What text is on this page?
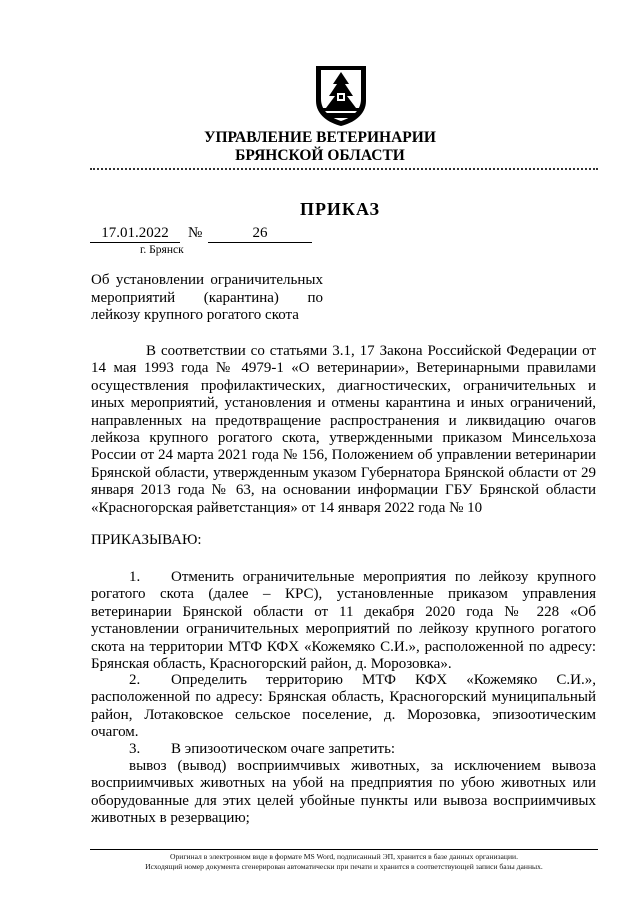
УПРАВЛЕНИЕ ВЕТЕРИНАРИИ
БРЯНСКОЙ ОБЛАСТИ
ПРИКАЗ
17.01.2022	№	26
г. Брянск
Об установлении ограничительных мероприятий (карантина) по лейкозу крупного рогатого скота
В соответствии со статьями 3.1, 17 Закона Российской Федерации от 14 мая 1993 года № 4979-1 «О ветеринарии», Ветеринарными правилами осуществления профилактических, диагностических, ограничительных и иных мероприятий, установления и отмены карантина и иных ограничений, направленных на предотвращение распространения и ликвидацию очагов лейкоза крупного рогатого скота, утвержденными приказом Минсельхоза России от 24 марта 2021 года № 156, Положением об управлении ветеринарии Брянской области, утвержденным указом Губернатора Брянской области от 29 января 2013 года № 63, на основании информации ГБУ Брянской области «Красногорская райветстанция» от 14 января 2022 года № 10
ПРИКАЗЫВАЮ:
1. Отменить ограничительные мероприятия по лейкозу крупного рогатого скота (далее – КРС), установленные приказом управления ветеринарии Брянской области от 11 декабря 2020 года № 228 «Об установлении ограничительных мероприятий по лейкозу крупного рогатого скота на территории МТФ КФХ «Кожемяко С.И.», расположенной по адресу: Брянская область, Красногорский район, д. Морозовка».
2. Определить территорию МТФ КФХ «Кожемяко С.И.», расположенной по адресу: Брянская область, Красногорский муниципальный район, Лотаковское сельское поселение, д. Морозовка, эпизоотическим очагом.
3. В эпизоотическом очаге запретить:
вывоз (вывод) восприимчивых животных, за исключением вывоза восприимчивых животных на убой на предприятия по убою животных или оборудованные для этих целей убойные пункты или вывоза восприимчивых животных в резервацию;
Оригинал в электронном виде в формате MS Word, подписанный ЭП, хранится в базе данных организации.
Исходящий номер документа сгенерирован автоматически при печати и хранится в соответствующей записи базы данных.
